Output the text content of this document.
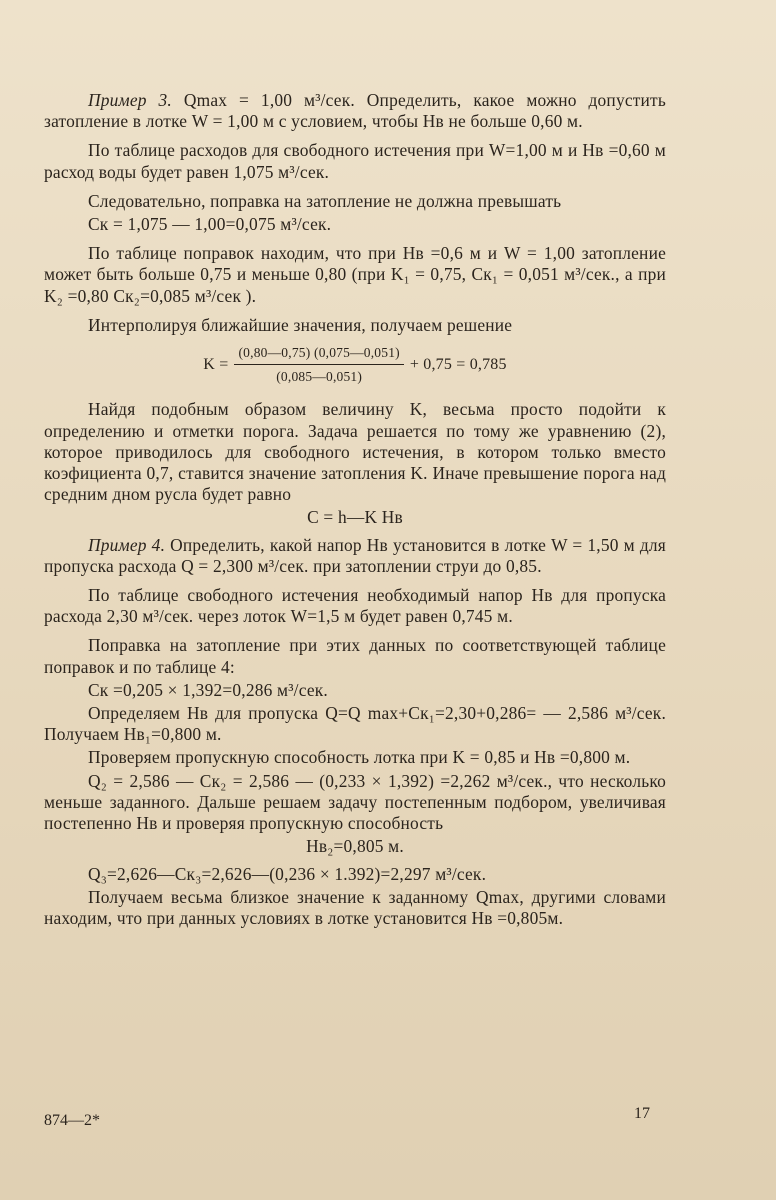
Пример 3. Qmax = 1,00 м³/сек. Определить, какое можно допустить затопление в лотке W = 1,00 м с условием, чтобы Hв не больше 0,60 м.

По таблице расходов для свободного истечения при W=1,00 м и Hв =0,60 м расход воды будет равен 1,075 м³/сек.

Следовательно, поправка на затопление не должна превышать

Cк = 1,075 — 1,00=0,075 м³/сек.

По таблице поправок находим, что при Hв =0,6 м и W = 1,00 затопление может быть больше 0,75 и меньше 0,80 (при K₁ = 0,75, Cк₁ = 0,051 м³/сек., а при K₂ =0,80 Cк₂=0,085 м³/сек ).

Интерполируя ближайшие значения, получаем решение

$K = \frac{(0,80—0,75) (0,075—0,051)}{(0,085—0,051)} + 0,75 = 0,785$

Найдя подобным образом величину K, весьма просто подойти к определению и отметки порога. Задача решается по тому же уравнению (2), которое приводилось для свободного истечения, в котором только вместо коэфициента 0,7, ставится значение затопления K. Иначе превышение порога над средним дном русла будет равно

C = h—K Hв

Пример 4. Определить, какой напор Hв установится в лотке W = 1,50 м для пропуска расхода Q = 2,300 м³/сек. при затоплении струи до 0,85.

По таблице свободного истечения необходимый напор Hв для пропуска расхода 2,30 м³/сек. через лоток W=1,5 м будет равен 0,745 м.

Поправка на затопление при этих данных по соответствующей таблице поправок и по таблице 4:

Cк =0,205 × 1,392=0,286 м³/сек.

Определяем Hв для пропуска Q=Q max+Cк₁=2,30+0,286= — 2,586 м³/сек. Получаем Hв₁=0,800 м.

Проверяем пропускную способность лотка при K = 0,85 и Hв =0,800 м.

Q₂ = 2,586 — Cк₂ = 2,586 — (0,233 × 1,392) =2,262 м³/сек., что несколько меньше заданного. Дальше решаем задачу постепенным подбором, увеличивая постепенно Hв и проверяя пропускную способность

Hв₂=0,805 м.

Q₃=2,626—Cк₃=2,626—(0,236 × 1.392)=2,297 м³/сек.

Получаем весьма близкое значение к заданному Qmax, другими словами находим, что при данных условиях в лотке установится Hв =0,805м.

874—2*	17
